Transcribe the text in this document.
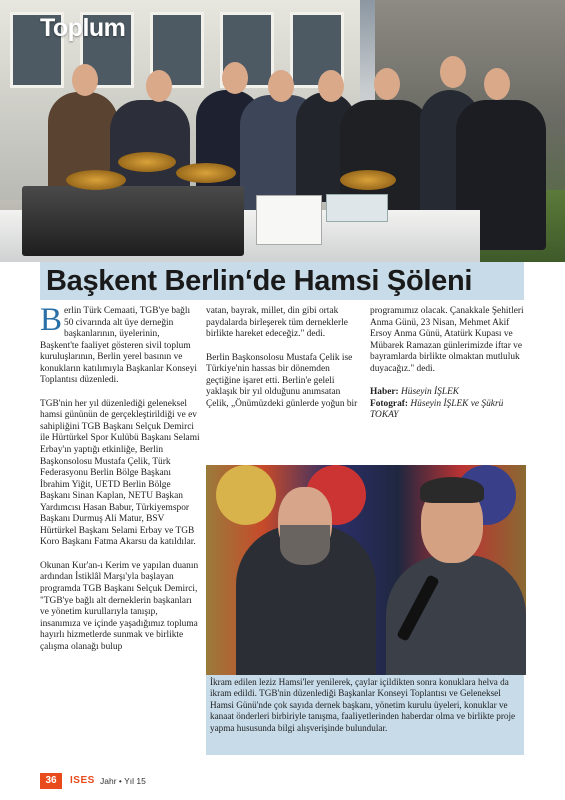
Toplum
Başkent Berlin‘de Hamsi Şöleni

Berlin Türk Cemaati, TGB'ye bağlı 50 civarında alt üye derneğin başkanlarının, üyelerinin, Başkent'te faaliyet gösteren sivil toplum kuruluşlarının, Berlin yerel basının ve konukların katılımıyla Başkanlar Konseyi Toplantısı düzenledi.

TGB'nin her yıl düzenlediği geleneksel hamsi gününün de gerçekleştirildiği ve ev sahipliğini TGB Başkanı Selçuk Demirci ile Hürtürkel Spor Kulübü Başkanı Selami Erbay'ın yaptığı etkinliğe, Berlin Başkonsolosu Mustafa Çelik, Türk Federasyonu Berlin Bölge Başkanı İbrahim Yiğit, UETD Berlin Bölge Başkanı Sinan Kaplan, NETU Başkan Yardımcısı Hasan Babur, Türkiyemspor Başkanı Durmuş Ali Matur, BSV Hürtürkel Başkanı Selami Erbay ve TGB Koro Başkanı Fatma Akarsu da katıldılar.

Okunan Kur'an-ı Kerim ve yapılan duanın ardından İstiklâl Marşı'yla başlayan programda TGB Başkanı Selçuk Demirci, "TGB'ye bağlı alt derneklerin başkanları ve yönetim kurullarıyla tanışıp, insanımıza ve içinde yaşadığımız topluma hayırlı hizmetlerde sunmak ve birlikte çalışma olanağı bulup

vatan, bayrak, millet, din gibi ortak paydalarda birleşerek tüm derneklerle birlikte hareket edeceğiz." dedi.

Berlin Başkonsolosu Mustafa Çelik ise Türkiye'nin hassas bir dönemden geçtiğine işaret etti. Berlin'e geleli yaklaşık bir yıl olduğunu anımsatan Çelik, „Önümüzdeki günlerde yoğun bir

programımız olacak. Çanakkale Şehitleri Anma Günü, 23 Nisan, Mehmet Akif Ersoy Anma Günü, Atatürk Kupası ve Mübarek Ramazan günlerimizde iftar ve bayramlarda birlikte olmaktan mutluluk duyacağız." dedi.

Haber: Hüseyin İŞLEK
Fotograf: Hüseyin İŞLEK ve Şükrü TOKAY
İkram edilen leziz Hamsi'ler yenilerek, çaylar içildikten sonra konuklara helva da ikram edildi. TGB'nin düzenlediği Başkanlar Konseyi Toplantısı ve Geleneksel Hamsi Günü'nde çok sayıda dernek başkanı, yönetim kurulu üyeleri, konuklar ve kanaat önderleri birbiriyle tanışma, faaliyetlerinden haberdar olma ve birlikte proje yapma hususunda bilgi alışverişinde bulundular.
36	ISES Jahr • Yıl 15
